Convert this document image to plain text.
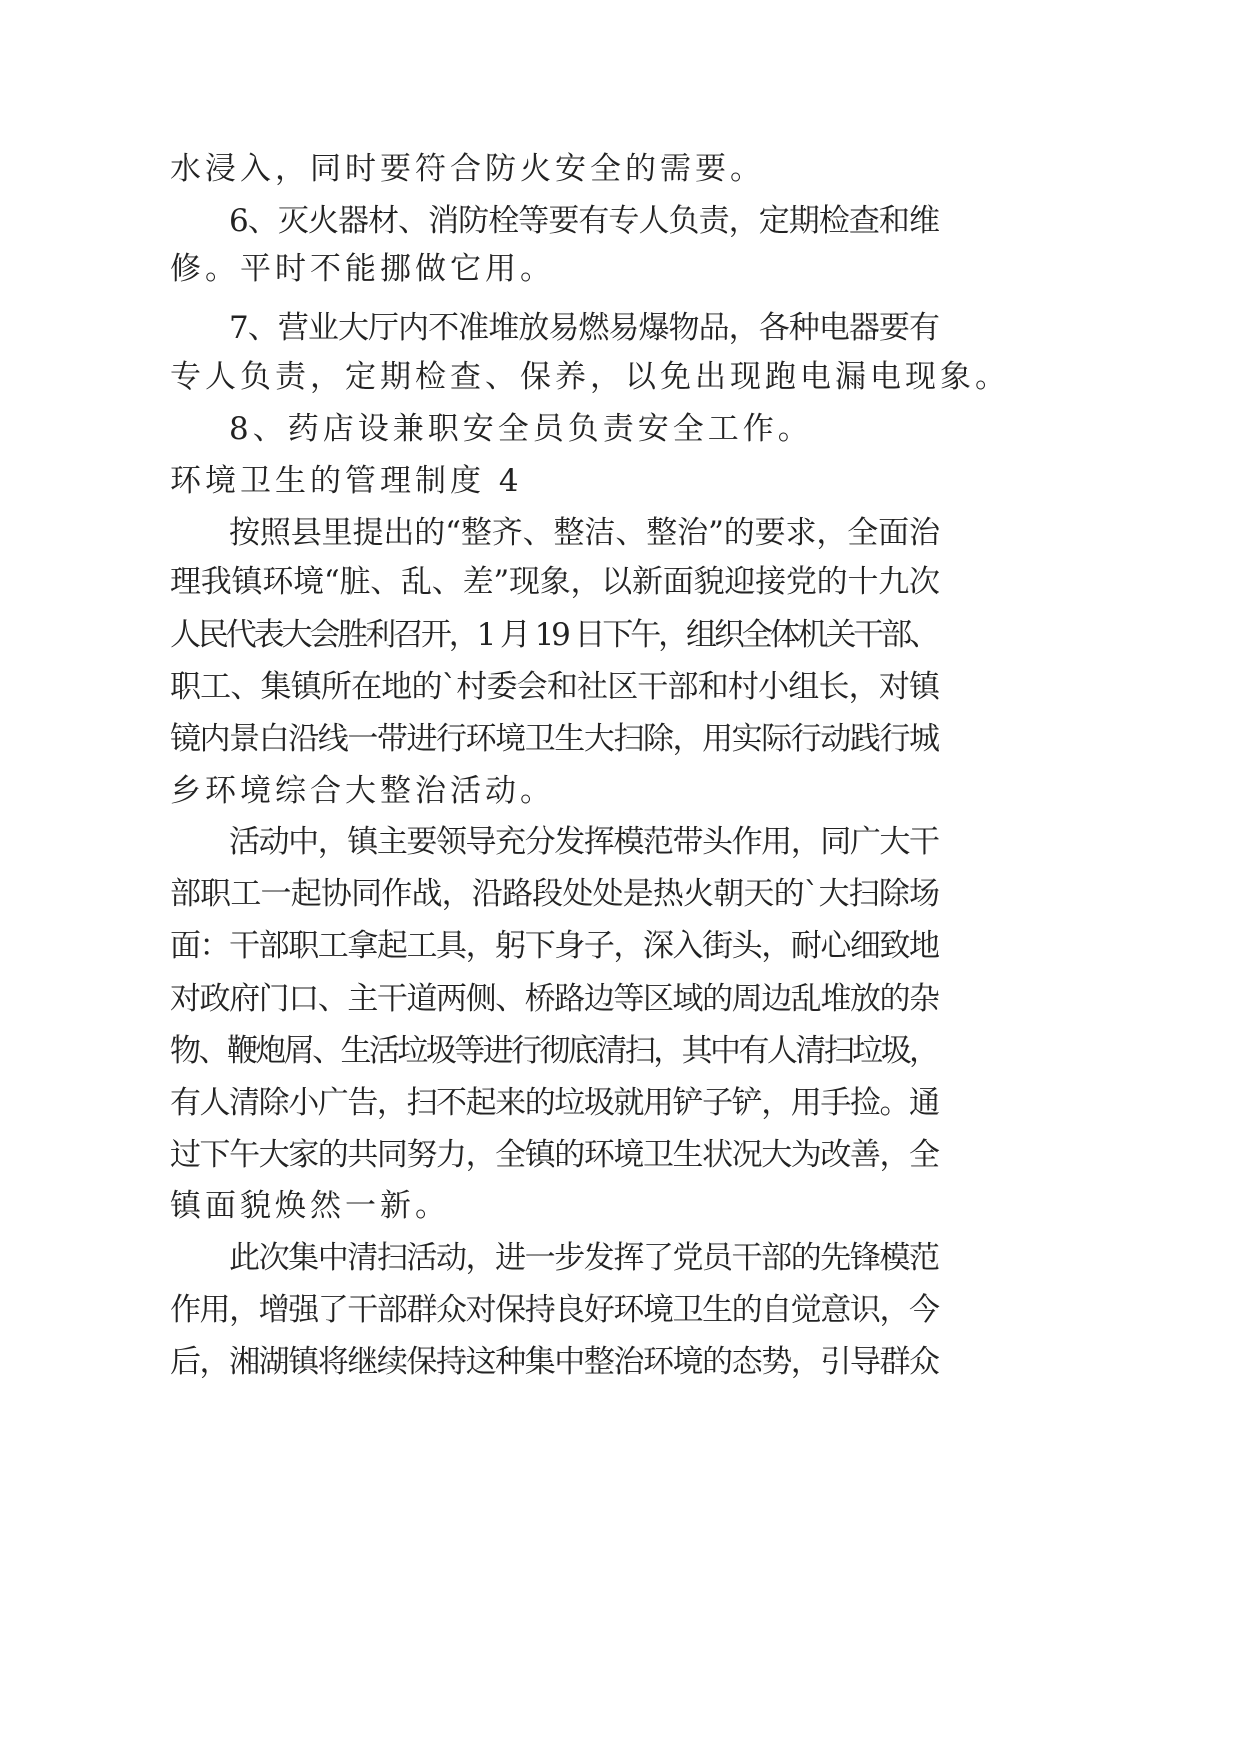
水浸入，同时要符合防火安全的需要。

6、灭火器材、消防栓等要有专人负责，定期检查和维

修。平时不能挪做它用。

7、营业大厅内不准堆放易燃易爆物品，各种电器要有

专人负责，定期检查、保养，以免出现跑电漏电现象。

8、药店设兼职安全员负责安全工作。

环境卫生的管理制度 4

按照县里提出的“整齐、整洁、整治”的要求，全面治

理我镇环境“脏、乱、差”现象，以新面貌迎接党的十九次

人民代表大会胜利召开，1 月 19 日下午，组织全体机关干部、

职工、集镇所在地的`村委会和社区干部和村小组长，对镇

镜内景白沿线一带进行环境卫生大扫除，用实际行动践行城

乡环境综合大整治活动。

活动中，镇主要领导充分发挥模范带头作用，同广大干

部职工一起协同作战，沿路段处处是热火朝天的`大扫除场

面：干部职工拿起工具，躬下身子，深入街头，耐心细致地

对政府门口、主干道两侧、桥路边等区域的周边乱堆放的杂

物、鞭炮屑、生活垃圾等进行彻底清扫，其中有人清扫垃圾，

有人清除小广告，扫不起来的垃圾就用铲子铲，用手捡。通

过下午大家的共同努力，全镇的环境卫生状况大为改善，全

镇面貌焕然一新。

此次集中清扫活动，进一步发挥了党员干部的先锋模范

作用，增强了干部群众对保持良好环境卫生的自觉意识，今

后，湘湖镇将继续保持这种集中整治环境的态势，引导群众
